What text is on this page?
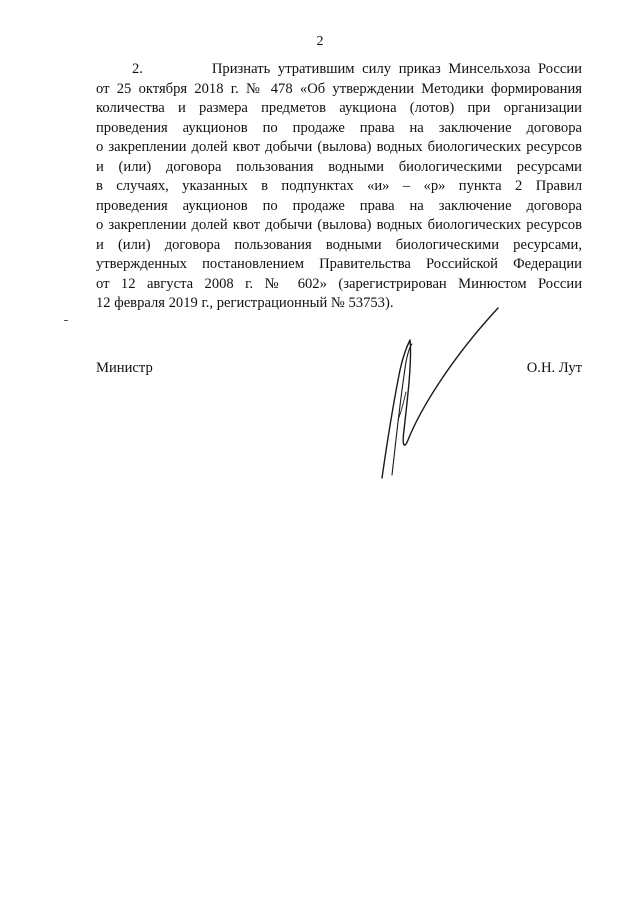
2
2.	Признать утратившим силу приказ Минсельхоза России
от 25 октября 2018 г. № 478 «Об утверждении Методики формирования
количества и размера предметов аукциона (лотов) при организации
проведения аукционов по продаже права на заключение договора
о закреплении долей квот добычи (вылова) водных биологических ресурсов
и (или) договора пользования водными биологическими ресурсами
в случаях, указанных в подпунктах «и» – «р» пункта 2 Правил
проведения аукционов по продаже права на заключение договора
о закреплении долей квот добычи (вылова) водных биологических ресурсов
и (или) договора пользования водными биологическими ресурсами,
утвержденных постановлением Правительства Российской Федерации
от 12 августа 2008 г. № 602» (зарегистрирован Минюстом России
12 февраля 2019 г., регистрационный № 53753).
Министр	О.Н. Лут
